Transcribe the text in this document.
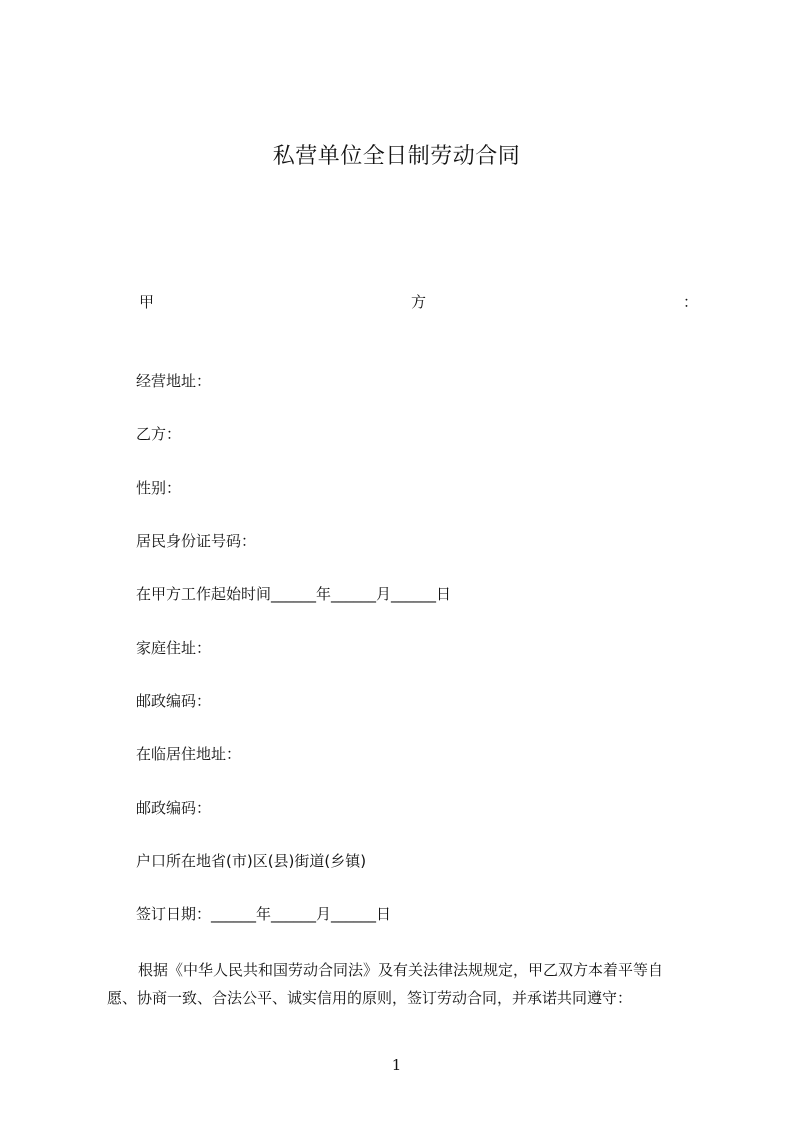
私营单位全日制劳动合同
甲	方	：
经营地址：
乙方：
性别：
居民身份证号码：
在甲方工作起始时间______年______月______日
家庭住址：
邮政编码：
在临居住地址：
邮政编码：
户口所在地省(市)区(县)街道(乡镇)
签订日期：______年______月______日
根据《中华人民共和国劳动合同法》及有关法律法规规定，甲乙双方本着平等自
愿、协商一致、合法公平、诚实信用的原则，签订劳动合同，并承诺共同遵守：
1
